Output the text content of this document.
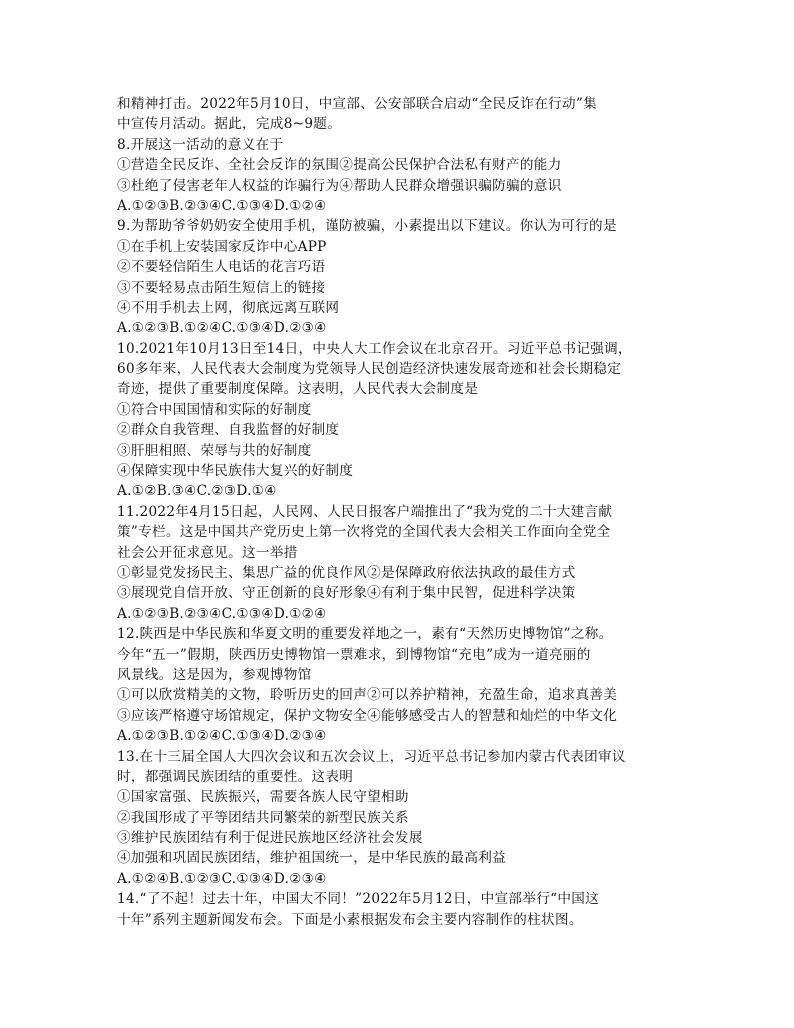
和精神打击。2022年5月10日，中宣部、公安部联合启动“全民反诈在行动”集
中宣传月活动。据此，完成8~9题。
8.开展这一活动的意义在于
①营造全民反诈、全社会反诈的氛围②提高公民保护合法私有财产的能力
③杜绝了侵害老年人权益的诈骗行为④帮助人民群众增强识骗防骗的意识
A.①②③B.②③④C.①③④D.①②④
9.为帮助爷爷奶奶安全使用手机，谨防被骗，小素提出以下建议。你认为可行的是
①在手机上安装国家反诈中心APP
②不要轻信陌生人电话的花言巧语
③不要轻易点击陌生短信上的链接
④不用手机去上网，彻底远离互联网
A.①②③B.①②④C.①③④D.②③④
10.2021年10月13日至14日，中央人大工作会议在北京召开。习近平总书记强调，
60多年来，人民代表大会制度为党领导人民创造经济快速发展奇迹和社会长期稳定
奇迹，提供了重要制度保障。这表明，人民代表大会制度是
①符合中国国情和实际的好制度
②群众自我管理、自我监督的好制度
③肝胆相照、荣辱与共的好制度
④保障实现中华民族伟大复兴的好制度
A.①②B.③④C.②③D.①④
11.2022年4月15日起，人民网、人民日报客户端推出了“我为党的二十大建言献
策”专栏。这是中国共产党历史上第一次将党的全国代表大会相关工作面向全党全
社会公开征求意见。这一举措
①彰显党发扬民主、集思广益的优良作风②是保障政府依法执政的最佳方式
③展现党自信开放、守正创新的良好形象④有利于集中民智，促进科学决策
A.①②③B.②③④C.①③④D.①②④
12.陕西是中华民族和华夏文明的重要发祥地之一，素有“天然历史博物馆”之称。
今年“五一”假期，陕西历史博物馆一票难求，到博物馆“充电”成为一道亮丽的
风景线。这是因为，参观博物馆
①可以欣赏精美的文物，聆听历史的回声②可以养护精神，充盈生命，追求真善美
③应该严格遵守场馆规定，保护文物安全④能够感受古人的智慧和灿烂的中华文化
A.①②③B.①②④C.①③④D.②③④
13.在十三届全国人大四次会议和五次会议上，习近平总书记参加内蒙古代表团审议
时，都强调民族团结的重要性。这表明
①国家富强、民族振兴，需要各族人民守望相助
②我国形成了平等团结共同繁荣的新型民族关系
③维护民族团结有利于促进民族地区经济社会发展
④加强和巩固民族团结，维护祖国统一，是中华民族的最高利益
A.①②④B.①②③C.①③④D.②③④
14.“了不起！过去十年，中国大不同！”2022年5月12日，中宣部举行“中国这
十年”系列主题新闻发布会。下面是小素根据发布会主要内容制作的柱状图。
